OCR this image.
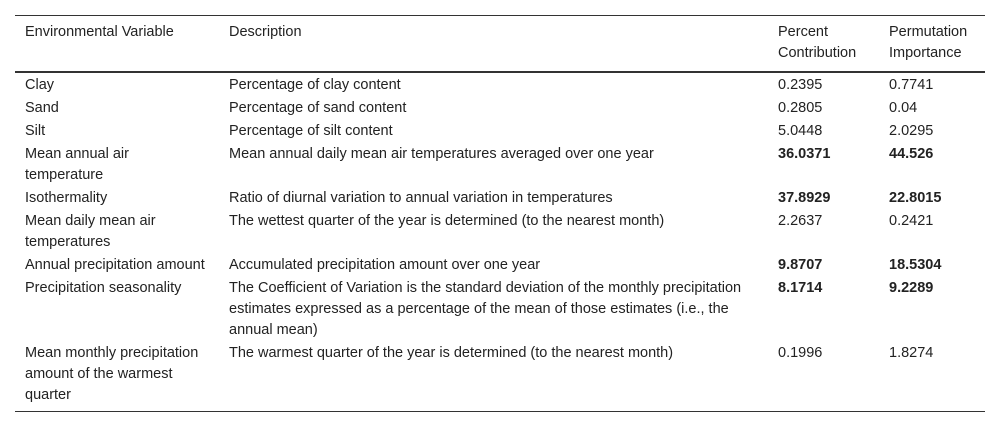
Environmental Variable	Description	Percent Contribution	Permutation Importance
Clay	Percentage of clay content	0.2395	0.7741
Sand	Percentage of sand content	0.2805	0.04
Silt	Percentage of silt content	5.0448	2.0295
Mean annual air temperature	Mean annual daily mean air temperatures averaged over one year	36.0371	44.526
Isothermality	Ratio of diurnal variation to annual variation in temperatures	37.8929	22.8015
Mean daily mean air temperatures	The wettest quarter of the year is determined (to the nearest month)	2.2637	0.2421
Annual precipitation amount	Accumulated precipitation amount over one year	9.8707	18.5304
Precipitation seasonality	The Coefficient of Variation is the standard deviation of the monthly precipitation estimates expressed as a percentage of the mean of those estimates (i.e., the annual mean)	8.1714	9.2289
Mean monthly precipitation amount of the warmest quarter	The warmest quarter of the year is determined (to the nearest month)	0.1996	1.8274
